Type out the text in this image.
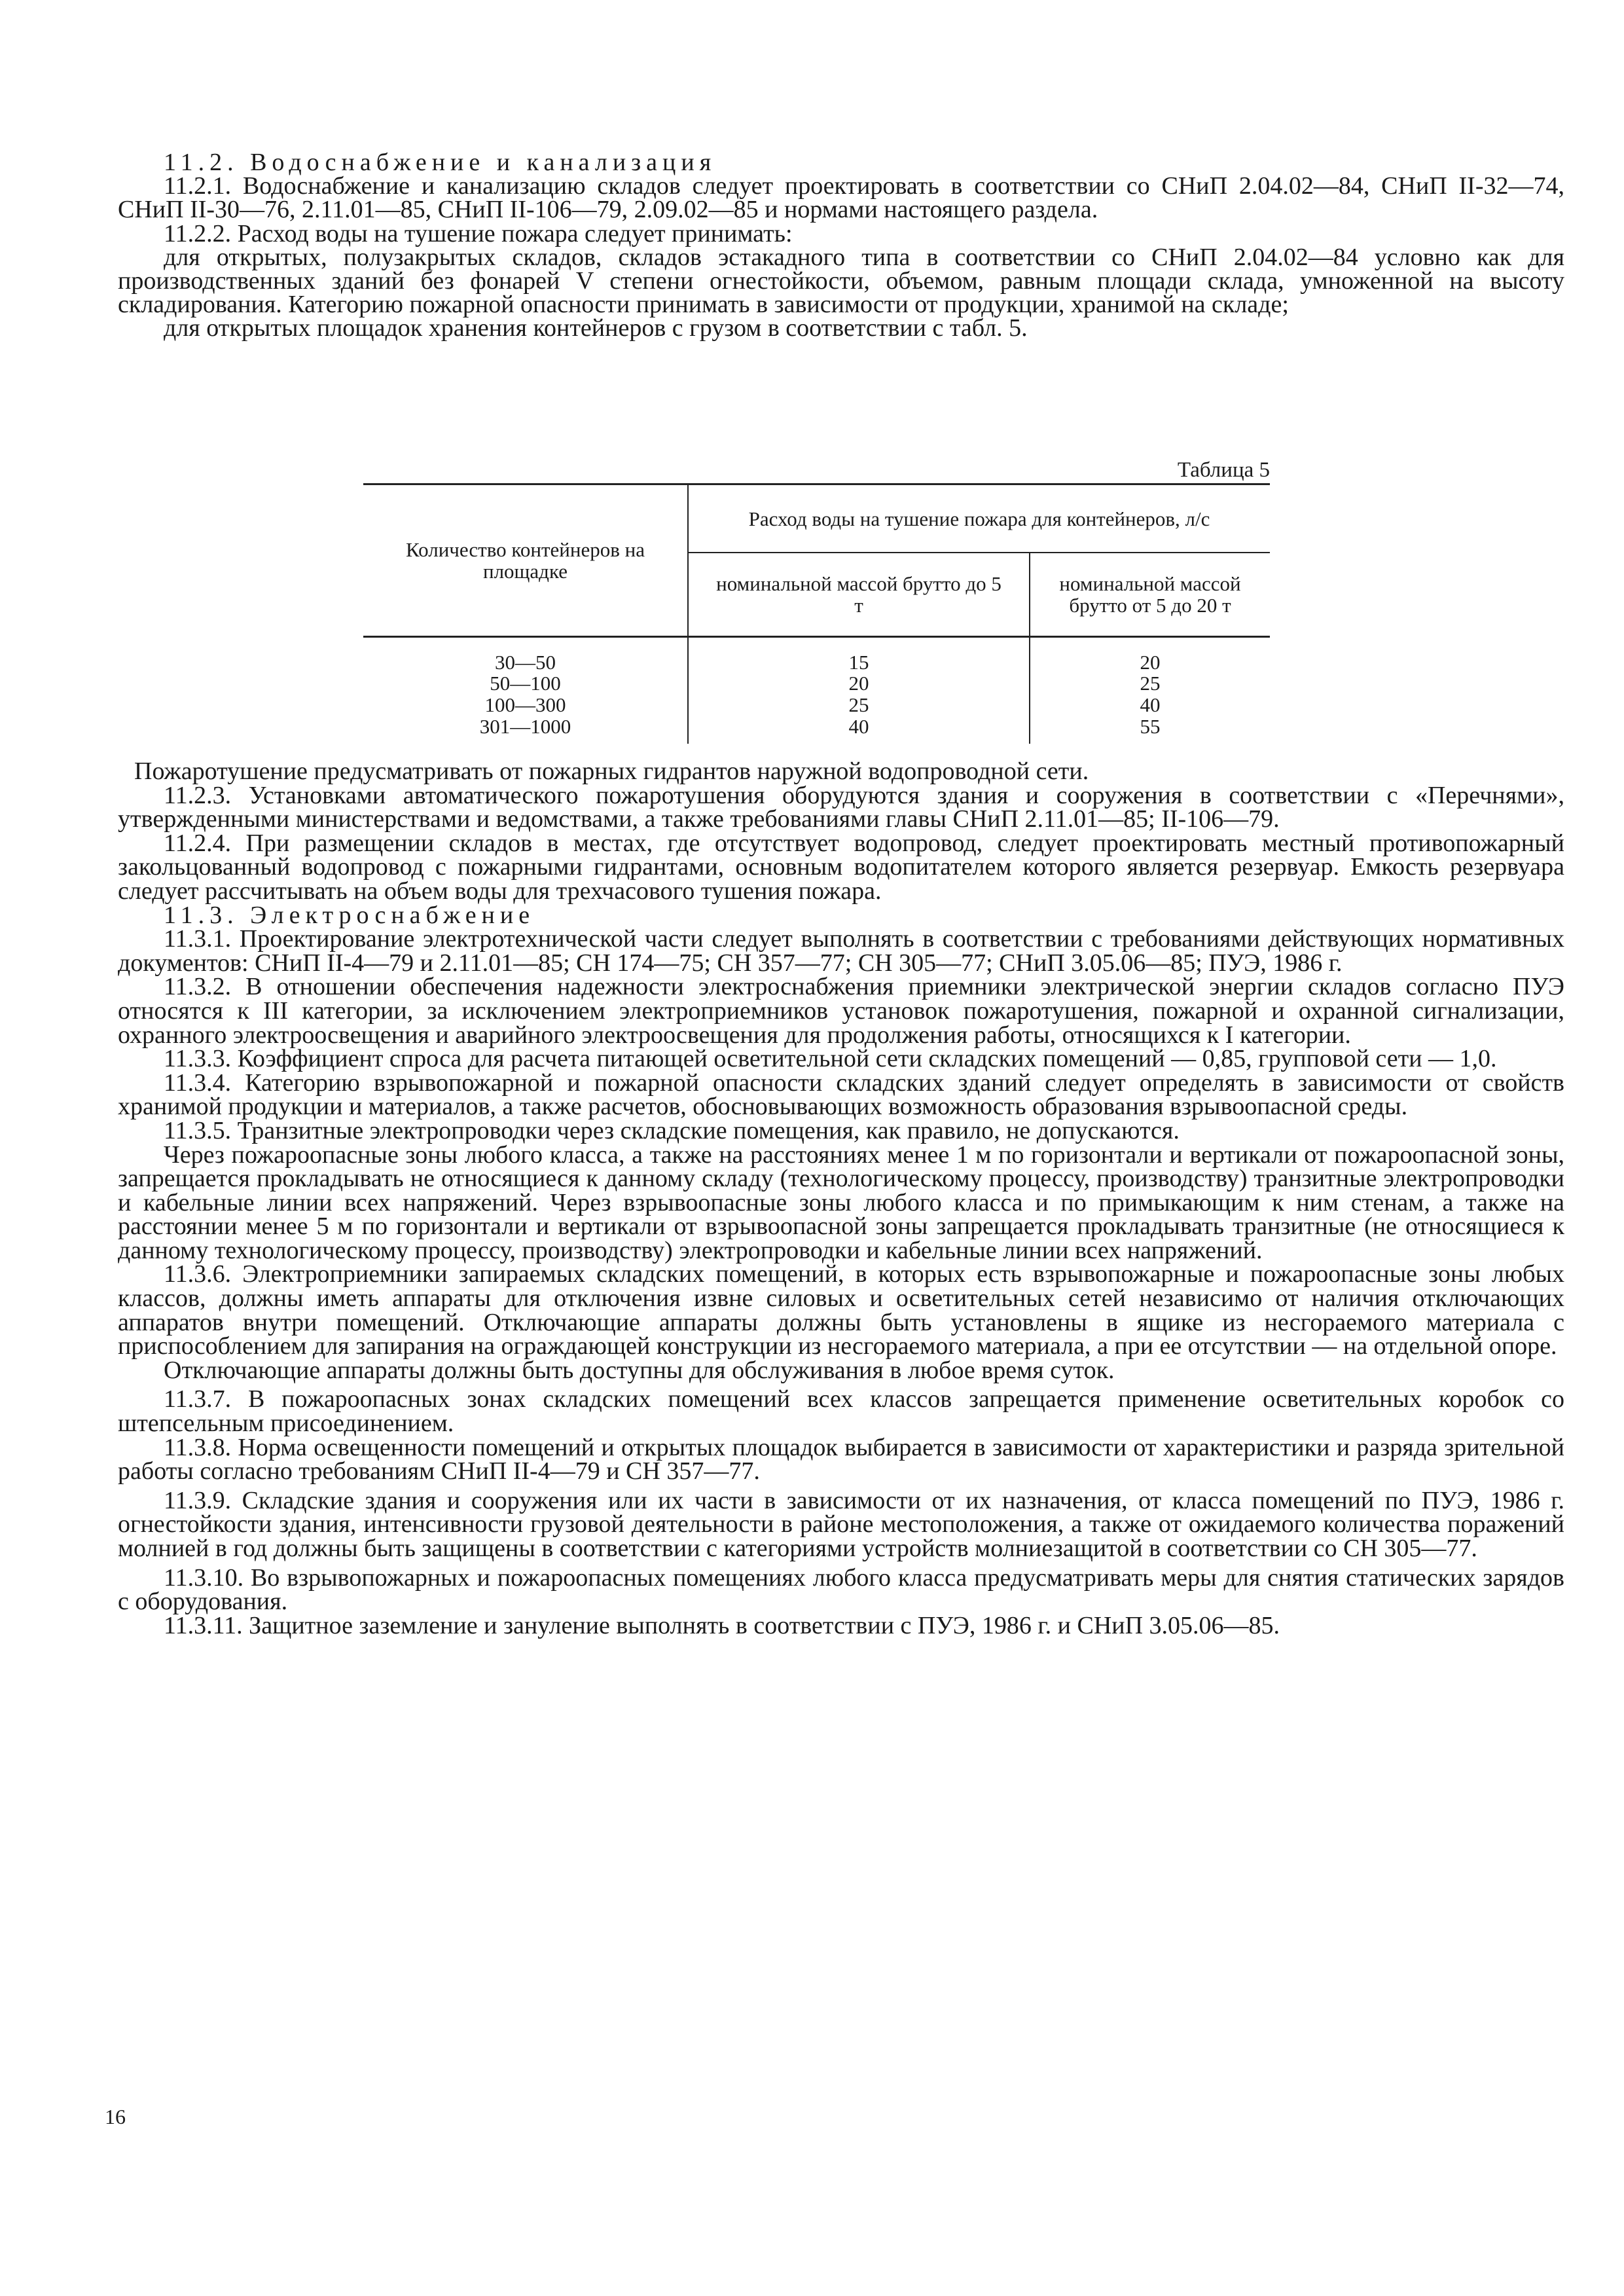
11.2. Водоснабжение и канализация

11.2.1. Водоснабжение и канализацию складов следует проектировать в соответствии со СНиП 2.04.02—84, СНиП II-32—74, СНиП II-30—76, 2.11.01—85, СНиП II-106—79, 2.09.02—85 и нормами настоящего раздела.

11.2.2. Расход воды на тушение пожара следует принимать:

для открытых, полузакрытых складов, складов эстакадного типа в соответствии со СНиП 2.04.02—84 условно как для производственных зданий без фонарей V степени огнестойкости, объемом, равным площади склада, умноженной на высоту складирования. Категорию пожарной опасности принимать в зависимости от продукции, хранимой на складе;

для открытых площадок хранения контейнеров с грузом в соответствии с табл. 5.

Таблица 5
Количество контейнеров на площадке	Расход воды на тушение пожара для контейнеров, л/с	
	номинальной массой брутто до 5 т	номинальной массой брутто от 5 до 20 т
30—50	15	20
50—100	20	25
100—300	25	40
301—1000	40	55

Пожаротушение предусматривать от пожарных гидрантов наружной водопроводной сети.

11.2.3. Установками автоматического пожаротушения оборудуются здания и сооружения в соответствии с «Перечнями», утвержденными министерствами и ведомствами, а также требованиями главы СНиП 2.11.01—85; II-106—79.

11.2.4. При размещении складов в местах, где отсутствует водопровод, следует проектировать местный противопожарный закольцованный водопровод с пожарными гидрантами, основным водопитателем которого является резервуар. Емкость резервуара следует рассчитывать на объем воды для трехчасового тушения пожара.

11.3. Электроснабжение

11.3.1. Проектирование электротехнической части следует выполнять в соответствии с требованиями действующих нормативных документов: СНиП II-4—79 и 2.11.01—85; СН 174—75; СН 357—77; СН 305—77; СНиП 3.05.06—85; ПУЭ, 1986 г.

11.3.2. В отношении обеспечения надежности электроснабжения приемники электрической энергии складов согласно ПУЭ относятся к III категории, за исключением электроприемников установок пожаротушения, пожарной и охранной сигнализации, охранного электроосвещения и аварийного электроосвещения для продолжения работы, относящихся к I категории.

11.3.3. Коэффициент спроса для расчета питающей осветительной сети складских помещений — 0,85, групповой сети — 1,0.

11.3.4. Категорию взрывопожарной и пожарной опасности складских зданий следует определять в зависимости от свойств хранимой продукции и материалов, а также расчетов, обосновывающих возможность образования взрывоопасной среды.

11.3.5. Транзитные электропроводки через складские помещения, как правило, не допускаются.

Через пожароопасные зоны любого класса, а также на расстояниях менее 1 м по горизонтали и вертикали от пожароопасной зоны, запрещается прокладывать не относящиеся к данному складу (технологическому процессу, производству) транзитные электропроводки и кабельные линии всех напряжений. Через взрывоопасные зоны любого класса и по примыкающим к ним стенам, а также на расстоянии менее 5 м по горизонтали и вертикали от взрывоопасной зоны запрещается прокладывать транзитные (не относящиеся к данному технологическому процессу, производству) электропроводки и кабельные линии всех напряжений.

11.3.6. Электроприемники запираемых складских помещений, в которых есть взрывопожарные и пожароопасные зоны любых классов, должны иметь аппараты для отключения извне силовых и осветительных сетей независимо от наличия отключающих аппаратов внутри помещений. Отключающие аппараты должны быть установлены в ящике из несгораемого материала с приспособлением для запирания на ограждающей конструкции из несгораемого материала, а при ее отсутствии — на отдельной опоре.

Отключающие аппараты должны быть доступны для обслуживания в любое время суток.

11.3.7. В пожароопасных зонах складских помещений всех классов запрещается применение осветительных коробок со штепсельным присоединением.

11.3.8. Норма освещенности помещений и открытых площадок выбирается в зависимости от характеристики и разряда зрительной работы согласно требованиям СНиП II-4—79 и СН 357—77.

11.3.9. Складские здания и сооружения или их части в зависимости от их назначения, от класса помещений по ПУЭ, 1986 г. огнестойкости здания, интенсивности грузовой деятельности в районе местоположения, а также от ожидаемого количества поражений молнией в год должны быть защищены в соответствии с категориями устройств молниезащитой в соответствии со СН 305—77.

11.3.10. Во взрывопожарных и пожароопасных помещениях любого класса предусматривать меры для снятия статических зарядов с оборудования.

11.3.11. Защитное заземление и зануление выполнять в соответствии с ПУЭ, 1986 г. и СНиП 3.05.06—85.

16
